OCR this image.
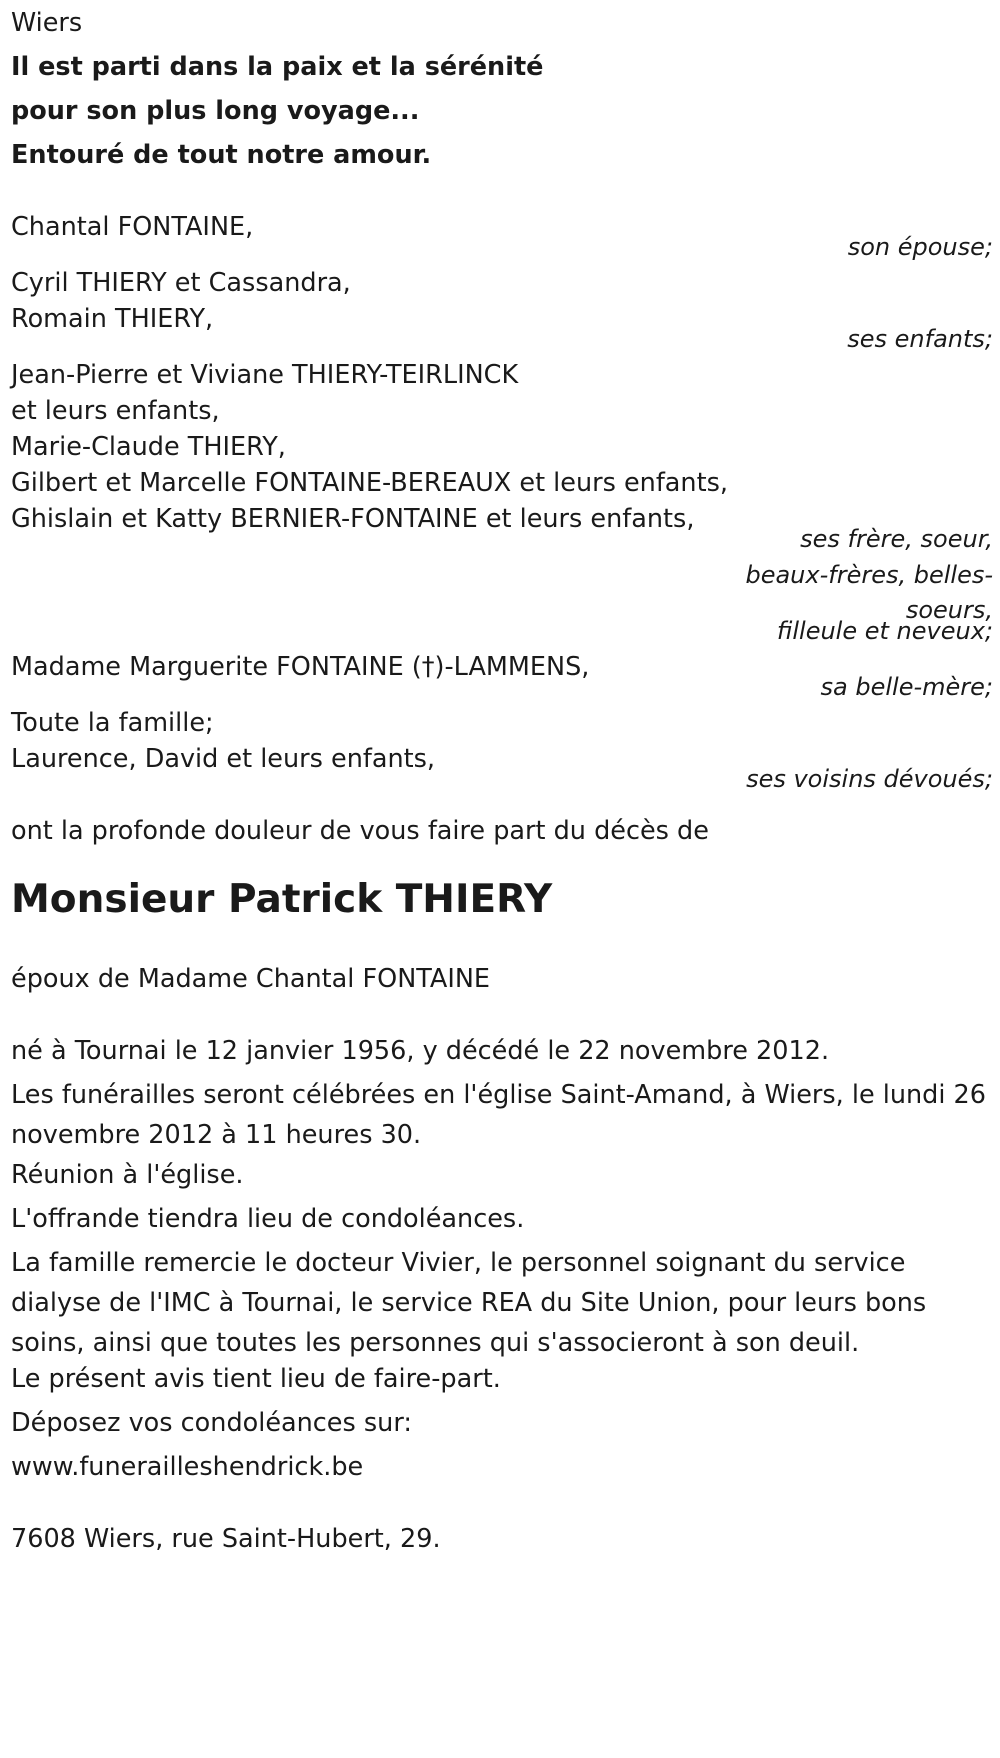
Wiers
Il est parti dans la paix et la sérénité
pour son plus long voyage...
Entouré de tout notre amour.
Chantal FONTAINE,
son épouse;
Cyril THIERY et Cassandra,
Romain THIERY,
ses enfants;
Jean-Pierre et Viviane THIERY-TEIRLINCK
et leurs enfants,
Marie-Claude THIERY,
Gilbert et Marcelle FONTAINE-BEREAUX et leurs enfants,
Ghislain et Katty BERNIER-FONTAINE et leurs enfants,
ses frère, soeur,
beaux-frères, belles-
soeurs,
filleule et neveux;
Madame Marguerite FONTAINE (†)-LAMMENS,
sa belle-mère;
Toute la famille;
Laurence, David et leurs enfants,
ses voisins dévoués;
ont la profonde douleur de vous faire part du décès de
Monsieur Patrick THIERY
époux de Madame Chantal FONTAINE
né à Tournai le 12 janvier 1956, y décédé le 22 novembre 2012.
Les funérailles seront célébrées en l'église Saint-Amand, à Wiers, le lundi 26 novembre 2012 à 11 heures 30.
Réunion à l'église.
L'offrande tiendra lieu de condoléances.
La famille remercie le docteur Vivier, le personnel soignant du service dialyse de l'IMC à Tournai, le service REA du Site Union, pour leurs bons soins, ainsi que toutes les personnes qui s'associeront à son deuil.
Le présent avis tient lieu de faire-part.
Déposez vos condoléances sur:
www.funerailleshendrick.be
7608 Wiers, rue Saint-Hubert, 29.
